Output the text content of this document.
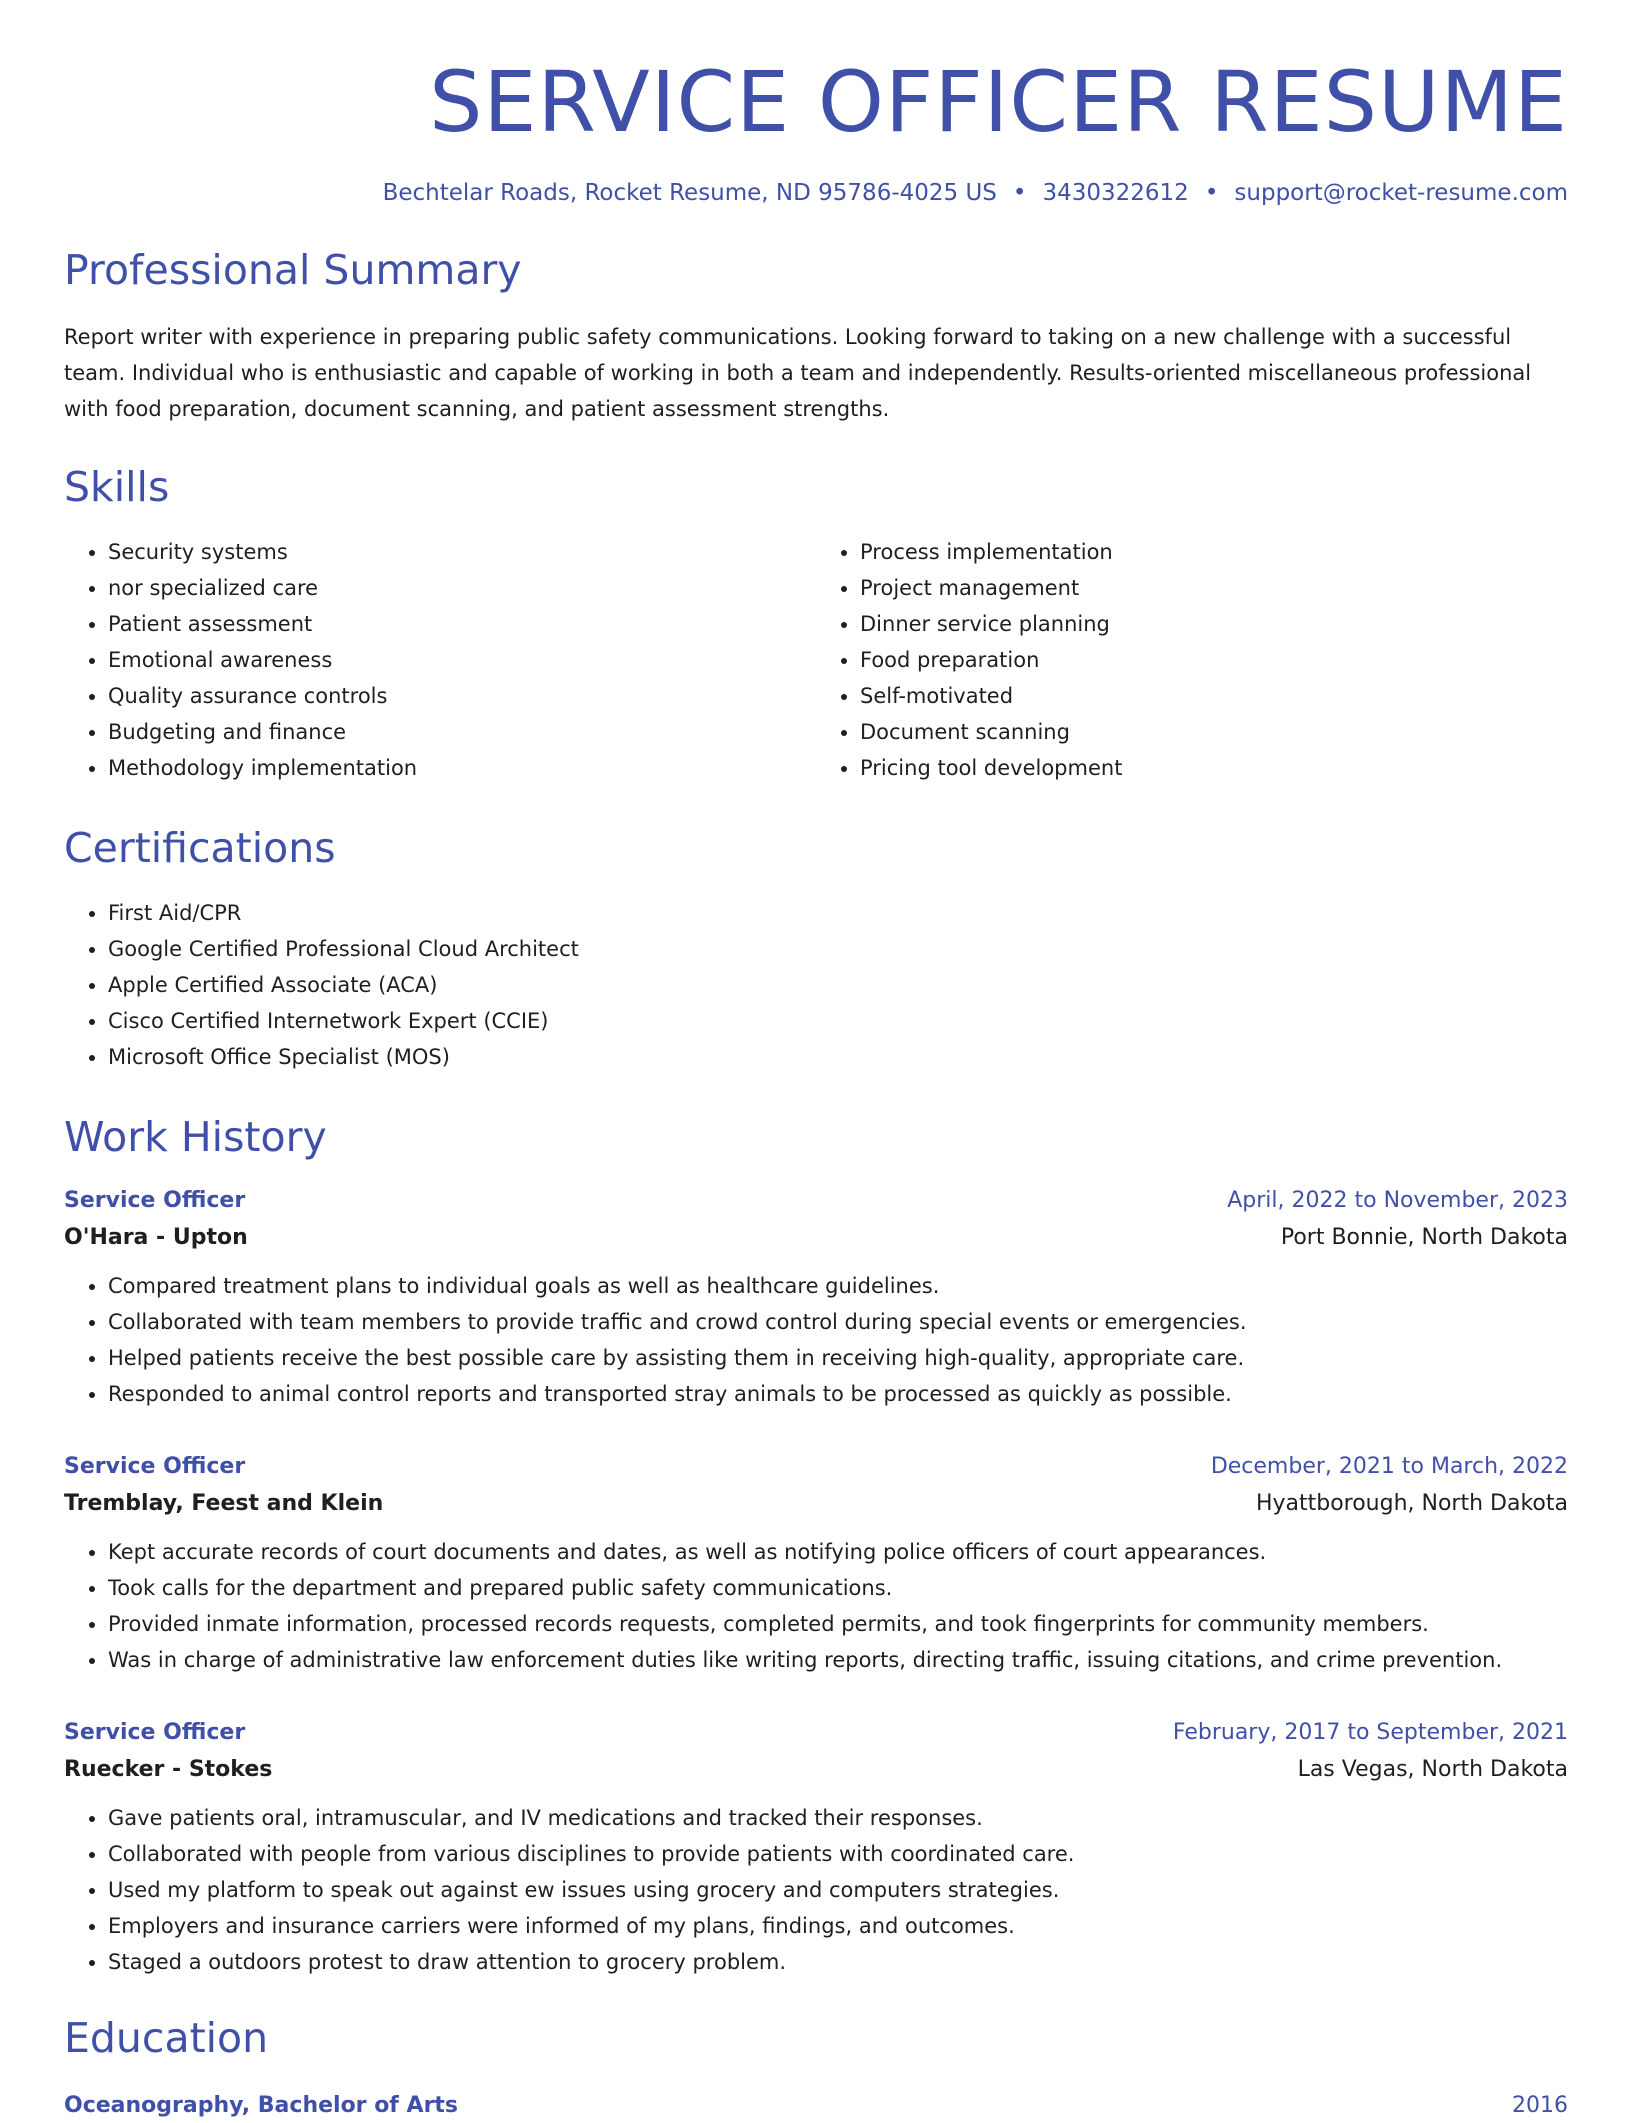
SERVICE OFFICER RESUME
Bechtelar Roads, Rocket Resume, ND 95786-4025 US • 3430322612 • support@rocket-resume.com
Professional Summary

Report writer with experience in preparing public safety communications. Looking forward to taking on a new challenge with a successful team. Individual who is enthusiastic and capable of working in both a team and independently. Results-oriented miscellaneous professional with food preparation, document scanning, and patient assessment strengths.

Skills
• Security systems
• nor specialized care
• Patient assessment
• Emotional awareness
• Quality assurance controls
• Budgeting and finance
• Methodology implementation
• Process implementation
• Project management
• Dinner service planning
• Food preparation
• Self-motivated
• Document scanning
• Pricing tool development
Certifications
• First Aid/CPR
• Google Certified Professional Cloud Architect
• Apple Certified Associate (ACA)
• Cisco Certified Internetwork Expert (CCIE)
• Microsoft Office Specialist (MOS)
Work History
Service Officer	April, 2022 to November, 2023
O'Hara - Upton	Port Bonnie, North Dakota
• Compared treatment plans to individual goals as well as healthcare guidelines.
• Collaborated with team members to provide traffic and crowd control during special events or emergencies.
• Helped patients receive the best possible care by assisting them in receiving high-quality, appropriate care.
• Responded to animal control reports and transported stray animals to be processed as quickly as possible.
Service Officer	December, 2021 to March, 2022
Tremblay, Feest and Klein	Hyattborough, North Dakota
• Kept accurate records of court documents and dates, as well as notifying police officers of court appearances.
• Took calls for the department and prepared public safety communications.
• Provided inmate information, processed records requests, completed permits, and took fingerprints for community members.
• Was in charge of administrative law enforcement duties like writing reports, directing traffic, issuing citations, and crime prevention.
Service Officer	February, 2017 to September, 2021
Ruecker - Stokes	Las Vegas, North Dakota
• Gave patients oral, intramuscular, and IV medications and tracked their responses.
• Collaborated with people from various disciplines to provide patients with coordinated care.
• Used my platform to speak out against ew issues using grocery and computers strategies.
• Employers and insurance carriers were informed of my plans, findings, and outcomes.
• Staged a outdoors protest to draw attention to grocery problem.
Education
Oceanography, Bachelor of Arts	2016
